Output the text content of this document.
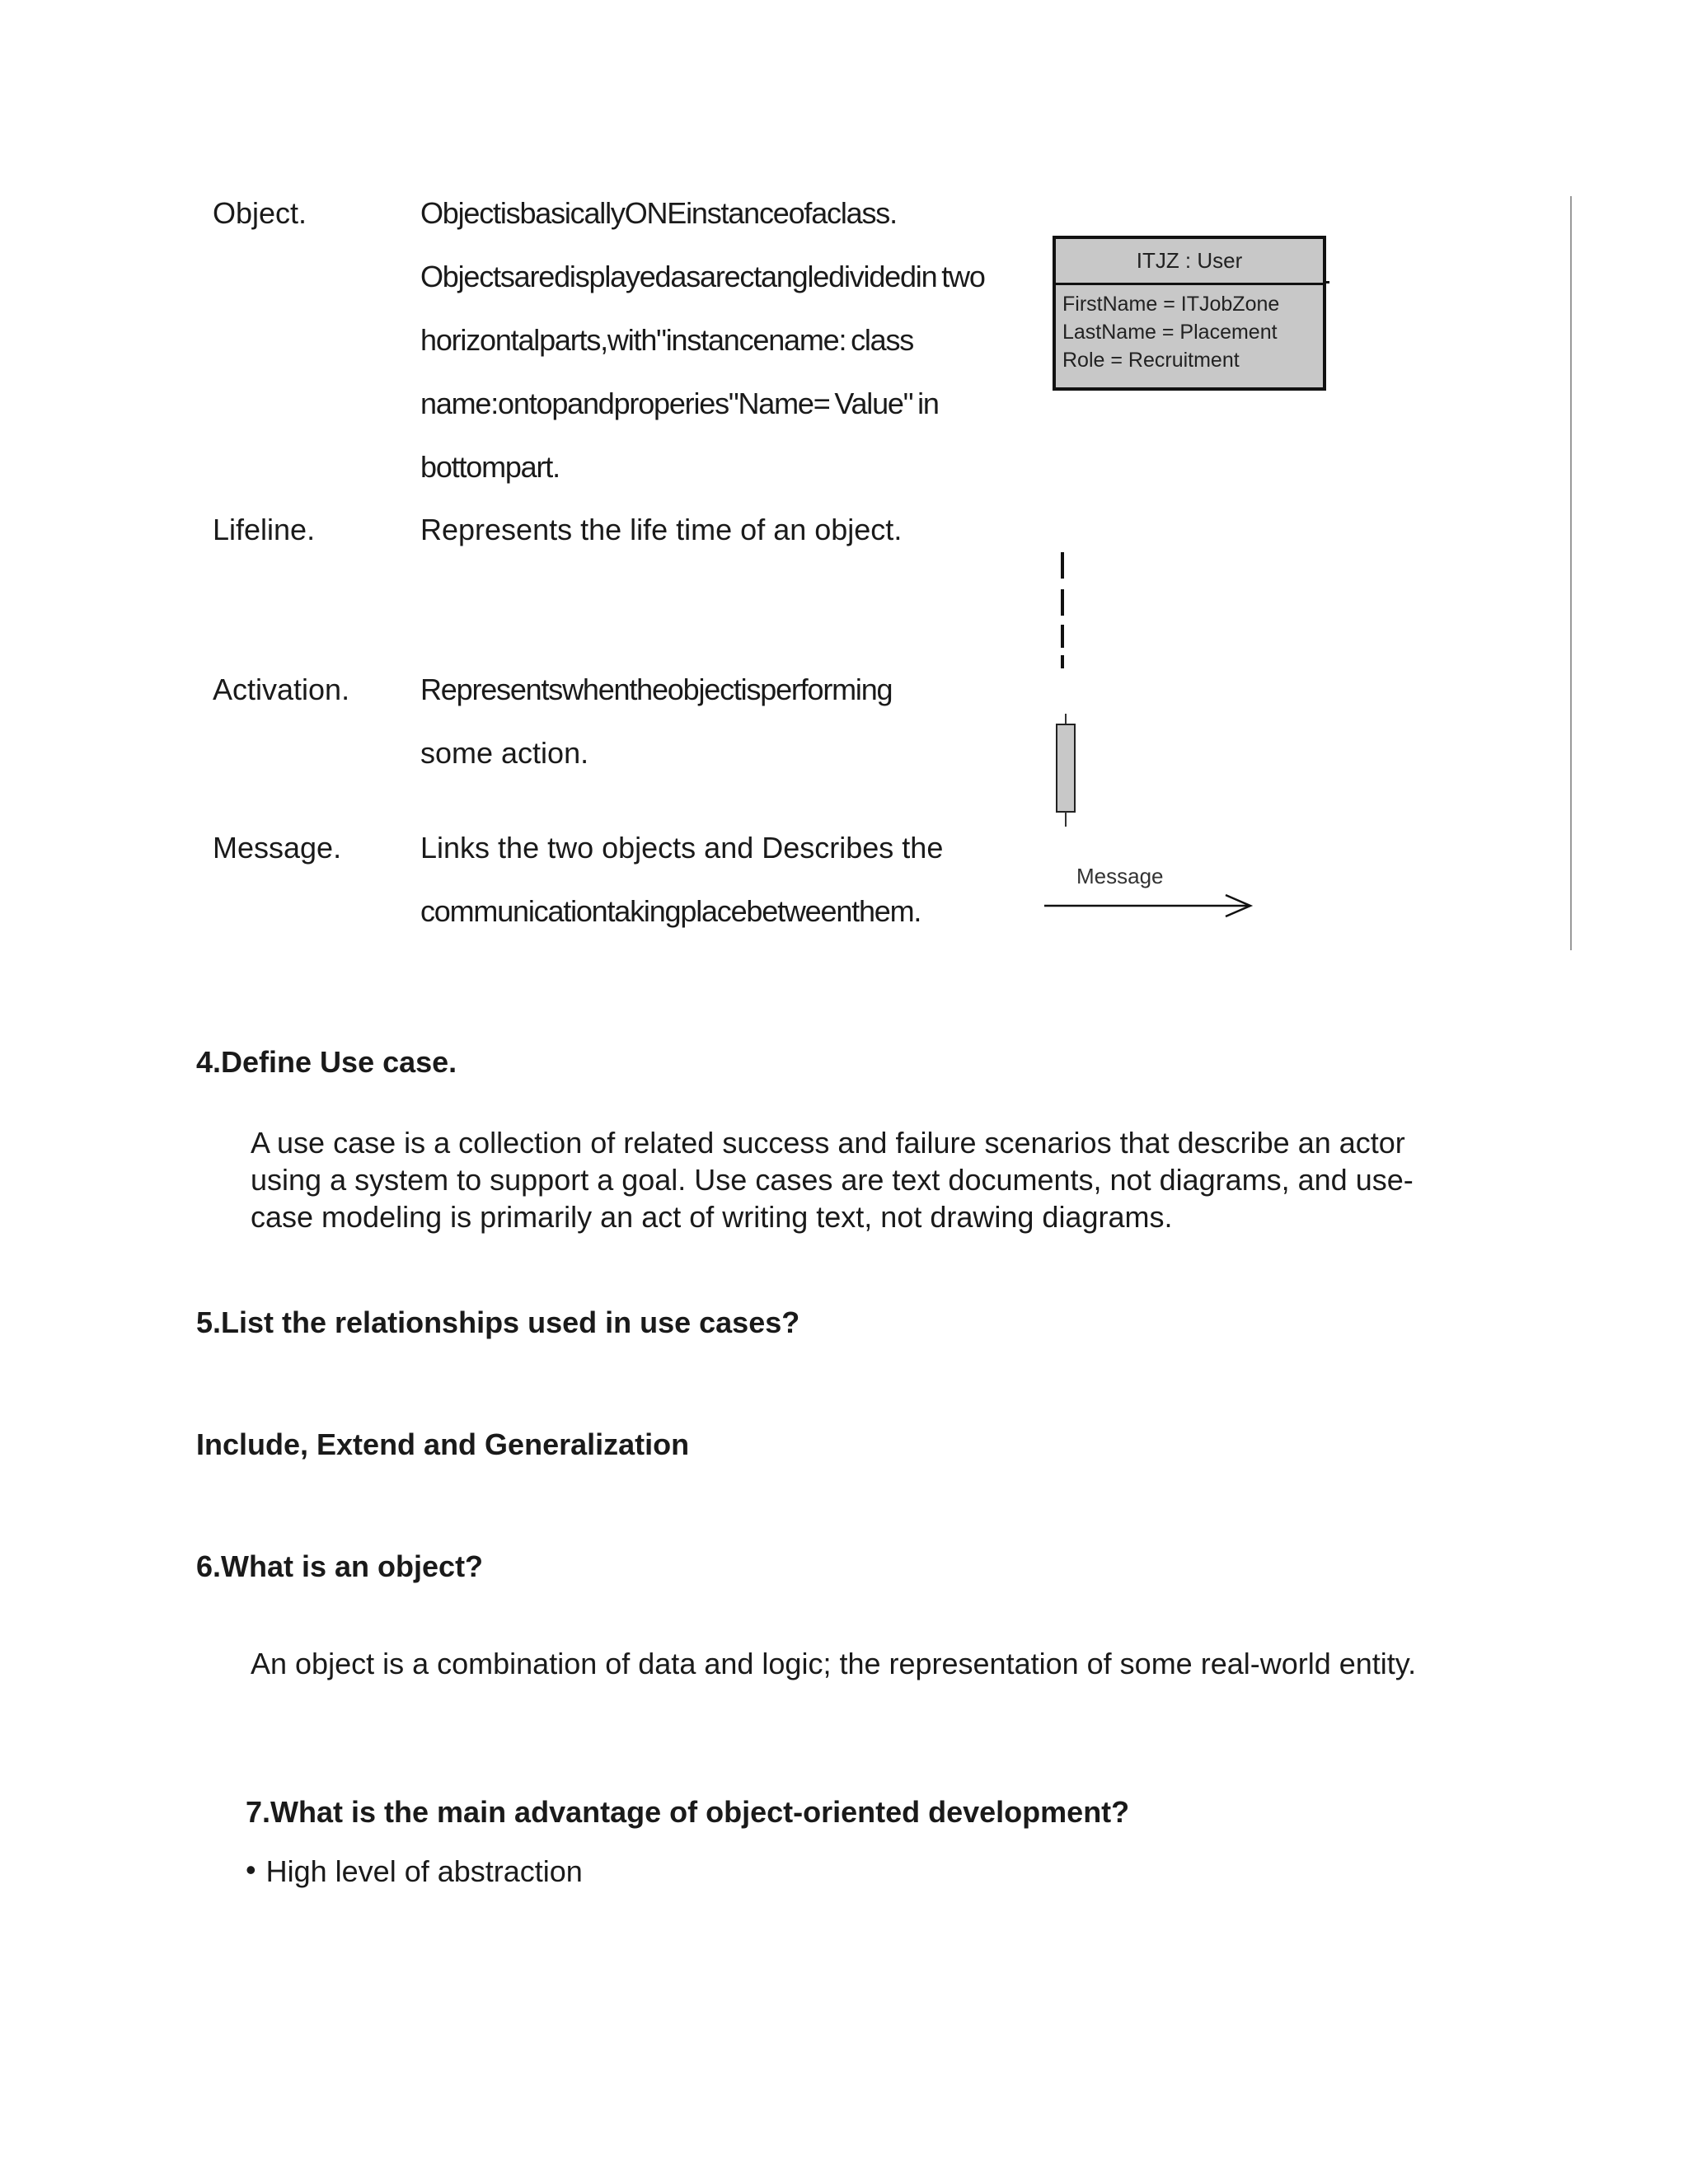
Object.	ObjectisbasicallyONEinstanceofaclass.
Objectsaredisplayedasarectangledividedin two
horizontalparts,with"instancename: class
name:ontopandproperies"Name= Value" in
bottompart.
ITJZ : User
FirstName = ITJobZone
LastName = Placement
Role = Recruitment
Lifeline.	Represents the life time of an object.
Activation. Representswhentheobjectisperforming
some action.
Message.	Links the two objects and Describes the
communicationtakingplacebetweenthem.
Message
4.Define Use case.
A use case is a collection of related success and failure scenarios that describe an actor using a system to support a goal. Use cases are text documents, not diagrams, and use-case modeling is primarily an act of writing text, not drawing diagrams.
5.List the relationships used in use cases?
Include, Extend and Generalization
6.What is an object?
An object is a combination of data and logic; the representation of some real-world entity.
7.What is the main advantage of object-oriented development?
• High level of abstraction
